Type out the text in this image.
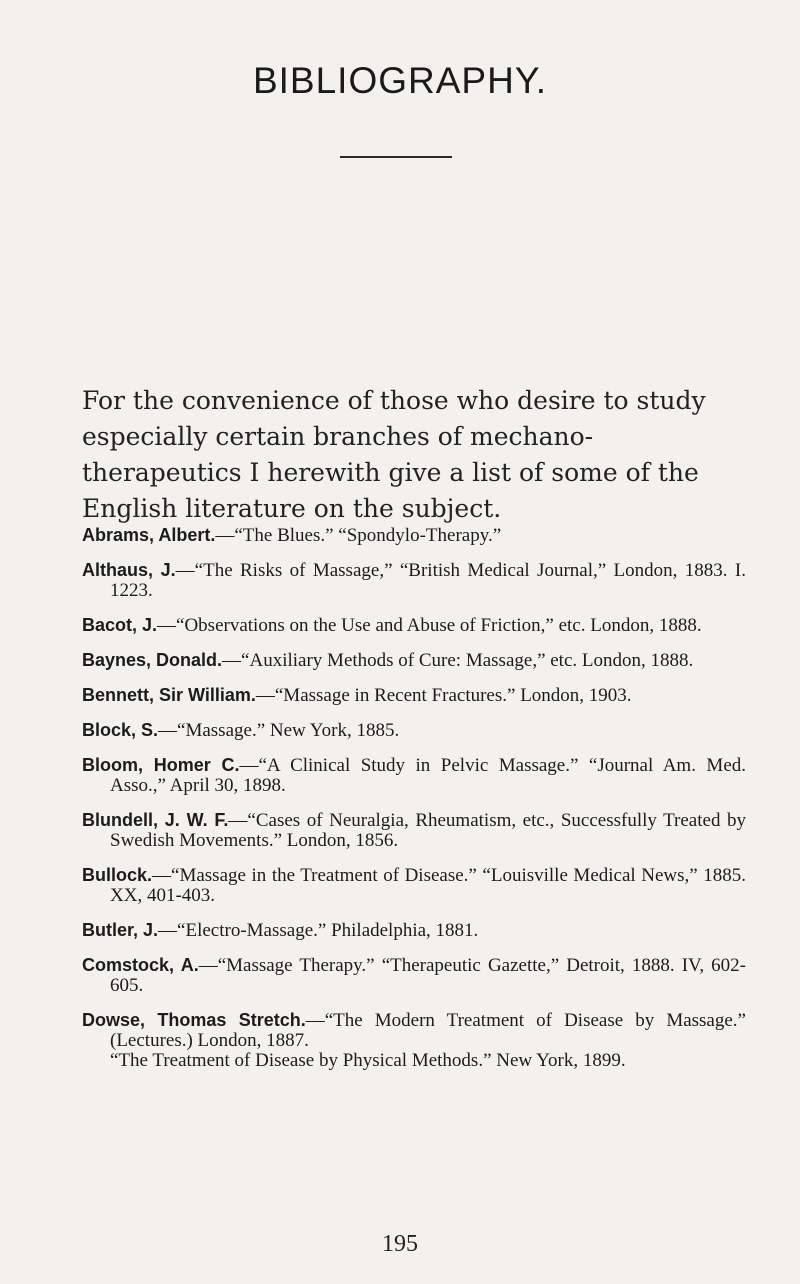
BIBLIOGRAPHY.

For the convenience of those who desire to study especially certain branches of mechano-therapeutics I herewith give a list of some of the English literature on the subject.

Abrams, Albert.—“The Blues.” “Spondylo-Therapy.”
Althaus, J.—“The Risks of Massage,” “British Medical Journal,” London, 1883. I. 1223.
Bacot, J.—“Observations on the Use and Abuse of Friction,” etc. London, 1888.
Baynes, Donald.—“Auxiliary Methods of Cure: Massage,” etc. London, 1888.
Bennett, Sir William.—“Massage in Recent Fractures.” London, 1903.
Block, S.—“Massage.” New York, 1885.
Bloom, Homer C.—“A Clinical Study in Pelvic Massage.” “Journal Am. Med. Asso.,” April 30, 1898.
Blundell, J. W. F.—“Cases of Neuralgia, Rheumatism, etc., Successfully Treated by Swedish Movements.” London, 1856.
Bullock.—“Massage in the Treatment of Disease.” “Louisville Medical News,” 1885. XX, 401-403.
Butler, J.—“Electro-Massage.” Philadelphia, 1881.
Comstock, A.—“Massage Therapy.” “Therapeutic Gazette,” Detroit, 1888. IV, 602-605.
Dowse, Thomas Stretch.—“The Modern Treatment of Disease by Massage.” (Lectures.) London, 1887.
“The Treatment of Disease by Physical Methods.” New York, 1899.
195
